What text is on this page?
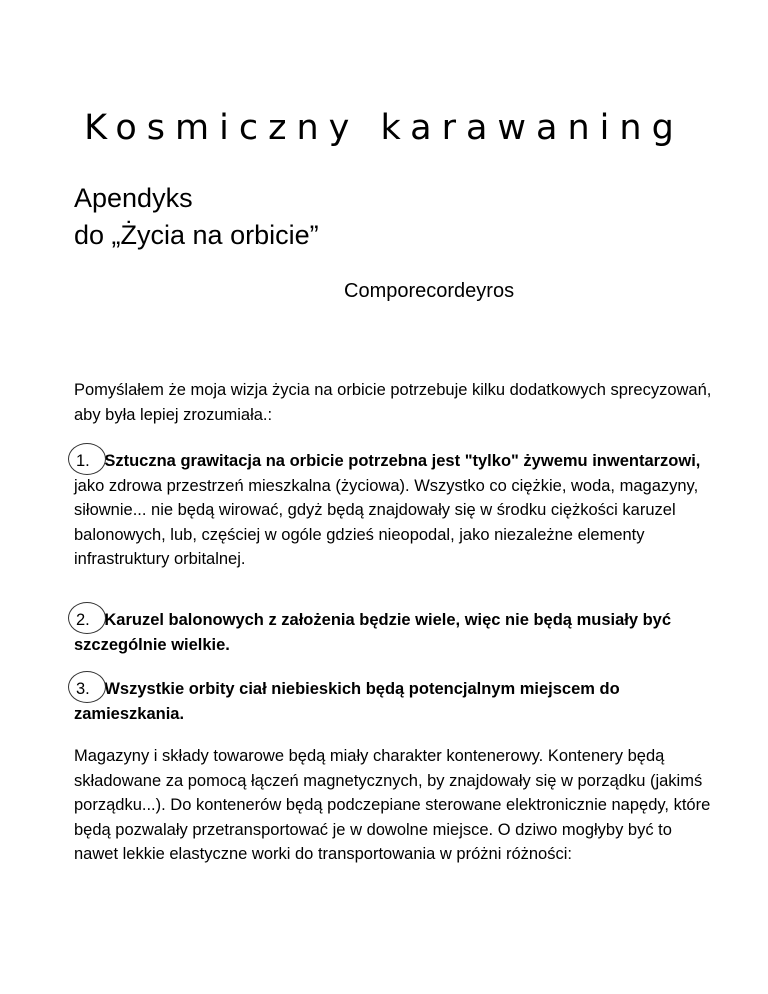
Kosmiczny karawaning
Apendyks
do „Życia na orbicie”
Comporecordeyros
Pomyślałem że moja wizja życia na orbicie potrzebuje kilku dodatkowych sprecyzowań, aby była lepiej zrozumiała.:
1. Sztuczna grawitacja na orbicie potrzebna jest "tylko" żywemu inwentarzowi, jako zdrowa przestrzeń mieszkalna (życiowa). Wszystko co ciężkie, woda, magazyny, siłownie... nie będą wirować, gdyż będą znajdowały się w środku ciężkości karuzel balonowych, lub, częściej w ogóle gdzieś nieopodal, jako niezależne elementy infrastruktury orbitalnej.
2. Karuzel balonowych z założenia będzie wiele, więc nie będą musiały być szczególnie wielkie.
3. Wszystkie orbity ciał niebieskich będą potencjalnym miejscem do zamieszkania.
Magazyny i składy towarowe będą miały charakter kontenerowy. Kontenery będą składowane za pomocą łączeń magnetycznych, by znajdowały się w porządku (jakimś porządku...). Do kontenerów będą podczepiane sterowane elektronicznie napędy, które będą pozwalały przetransportować je w dowolne miejsce. O dziwo mogłyby być to nawet lekkie elastyczne worki do transportowania w próżni różności:
